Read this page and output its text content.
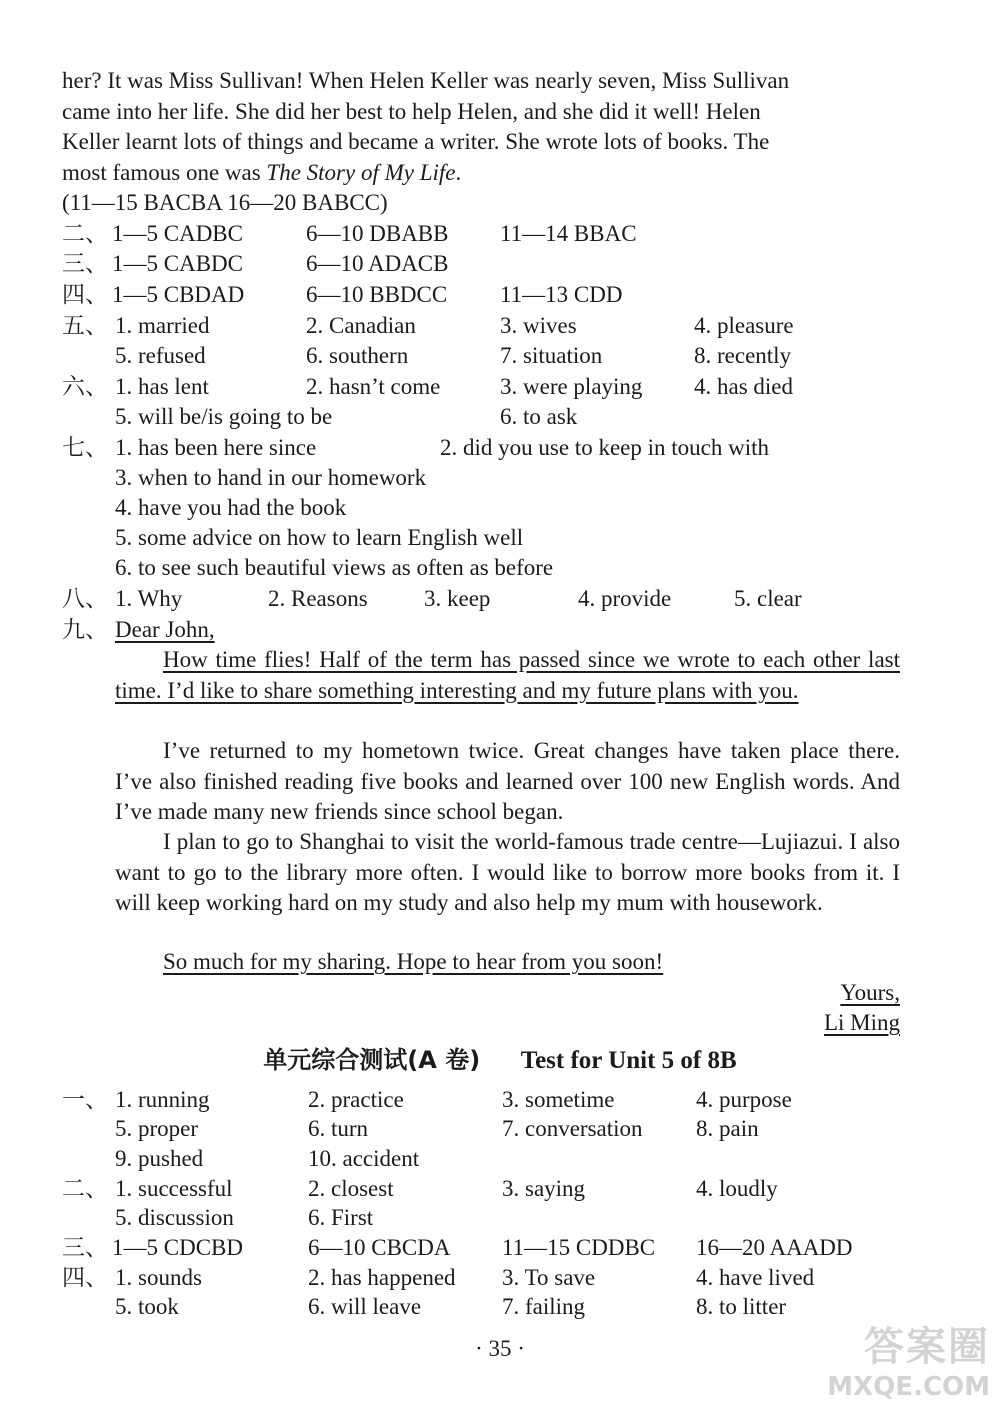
her? It was Miss Sullivan! When Helen Keller was nearly seven, Miss Sullivan
came into her life. She did her best to help Helen, and she did it well! Helen
Keller learnt lots of things and became a writer. She wrote lots of books. The
most famous one was The Story of My Life.
(11—15 BACBA 16—20 BABCC)
二、 1—5 CADBC	6—10 DBABB 11—14 BBAC
三、 1—5 CABDC	6—10 ADACB
四、 1—5 CBDAD	6—10 BBDCC 11—13 CDD
五、 1. married	2. Canadian	3. wives	4. pleasure
5. refused	6. southern	7. situation	8. recently
六、 1. has lent	2. hasn’t come	3. were playing 4. has died
5. will be/is going to be	6. to ask
七、 1. has been here since	2. did you use to keep in touch with
3. when to hand in our homework
4. have you had the book
5. some advice on how to learn English well
6. to see such beautiful views as often as before
八、 1. Why	2. Reasons 3. keep	4. provide	5. clear
九、 Dear John,
How time flies! Half of the term has passed since we wrote to each other last time. I’d like to share something interesting and my future plans with you.
I’ve returned to my hometown twice. Great changes have taken place there. I’ve also finished reading five books and learned over 100 new English words. And I’ve made many new friends since school began.
I plan to go to Shanghai to visit the world-famous trade centre—Lujiazui. I also want to go to the library more often. I would like to borrow more books from it. I will keep working hard on my study and also help my mum with housework.
So much for my sharing. Hope to hear from you soon!
Yours,
Li Ming
单元综合测试(A 卷) Test for Unit 5 of 8B
一、 1. running	2. practice	3. sometime	4. purpose
5. proper	6. turn	7. conversation 8. pain
9. pushed	10. accident
二、 1. successful	2. closest	3. saying	4. loudly
5. discussion	6. First
三、 1—5 CDCBD	6—10 CBCDA 11—15 CDDBC 16—20 AAADD
四、 1. sounds	2. has happened 3. To save	4. have lived
5. took	6. will leave	7. failing	8. to litter
· 35 ·	答案圈
MXQE.COM
